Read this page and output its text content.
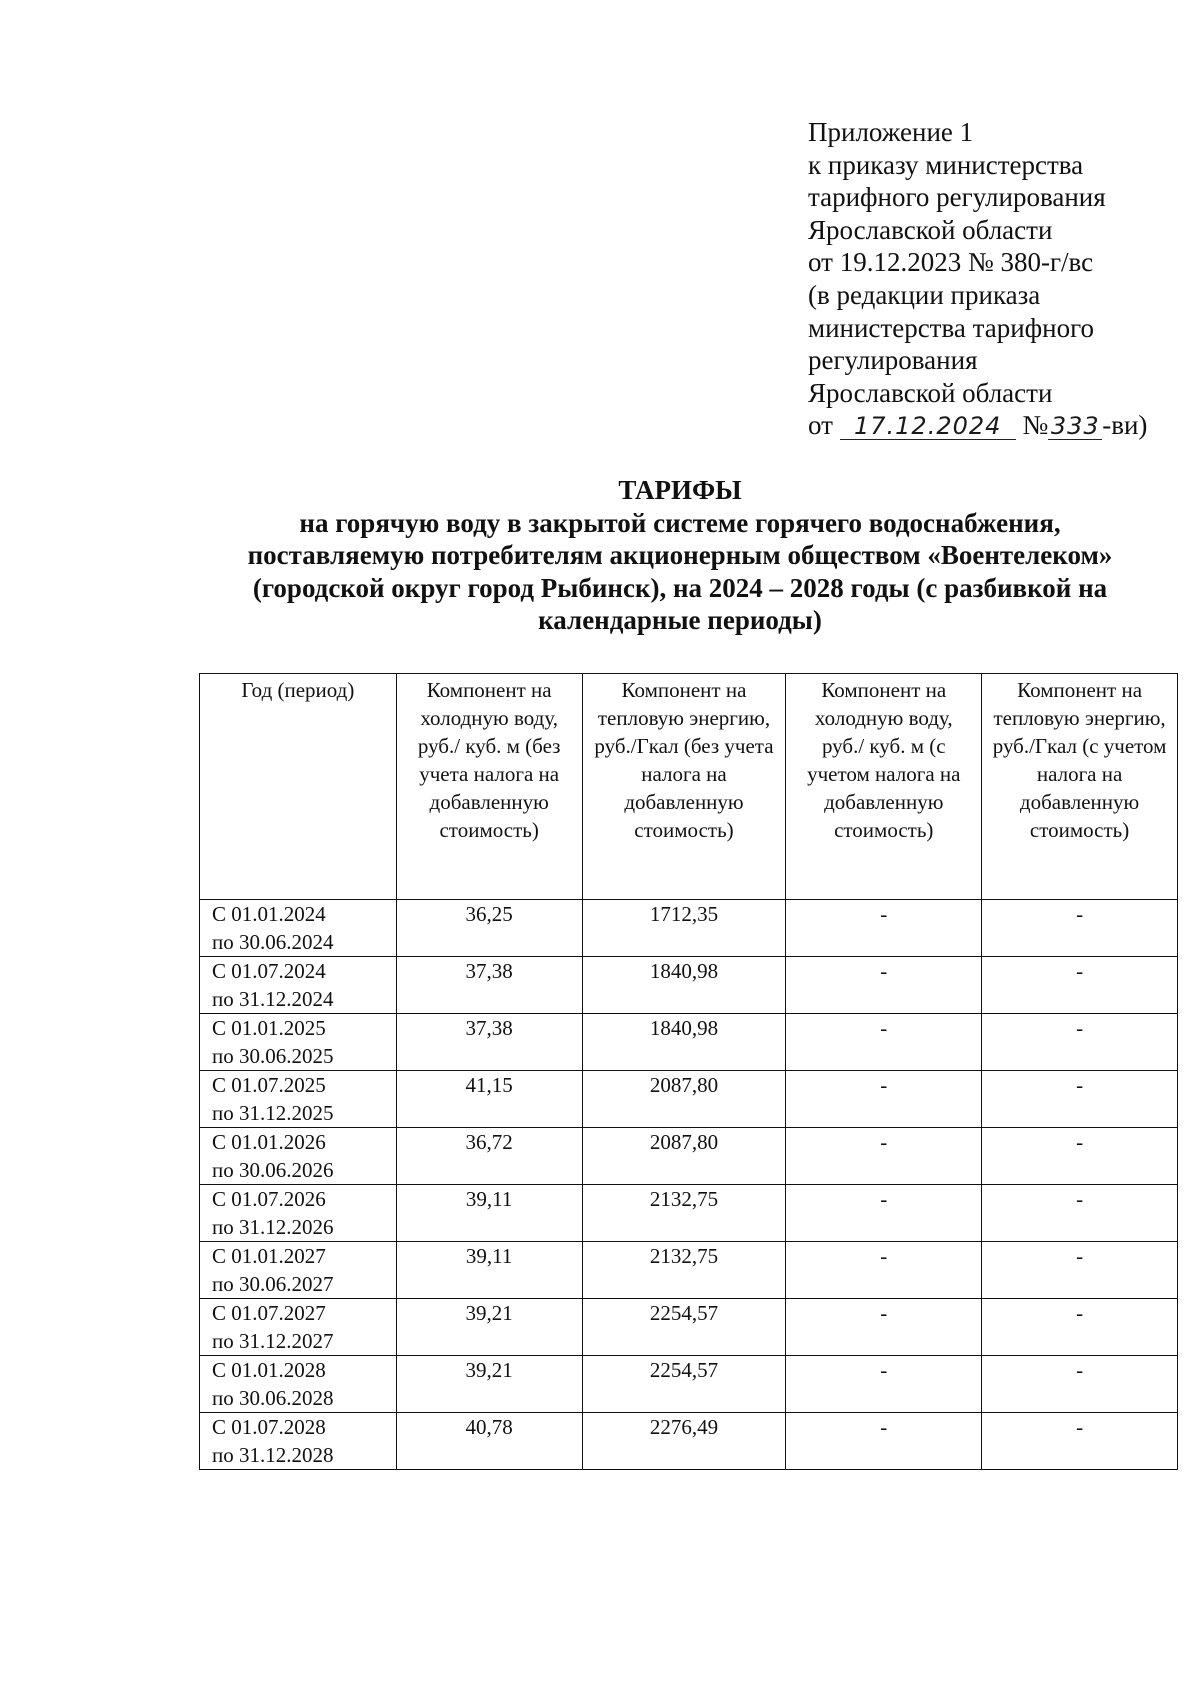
Приложение 1
к приказу министерства
тарифного регулирования
Ярославской области
от 19.12.2023 № 380-г/вс
(в редакции приказа
министерства тарифного
регулирования
Ярославской области
от 17.12.2024 № 333-ви)
ТАРИФЫ
на горячую воду в закрытой системе горячего водоснабжения,
поставляемую потребителям акционерным обществом «Воентелеком»
(городской округ город Рыбинск), на 2024 – 2028 годы (с разбивкой на
календарные периоды)
Год (период)	Компонент на холодную воду, руб./ куб. м (без учета налога на добавленную стоимость)	Компонент на тепловую энергию, руб./Гкал (без учета налога на добавленную стоимость)	Компонент на холодную воду, руб./ куб. м (с учетом налога на добавленную стоимость)	Компонент на тепловую энергию, руб./Гкал (с учетом налога на добавленную стоимость)
С 01.01.2024
по 30.06.2024	36,25	1712,35	-	-
С 01.07.2024
по 31.12.2024	37,38	1840,98	-	-
С 01.01.2025
по 30.06.2025	37,38	1840,98	-	-
С 01.07.2025
по 31.12.2025	41,15	2087,80	-	-
С 01.01.2026
по 30.06.2026	36,72	2087,80	-	-
С 01.07.2026
по 31.12.2026	39,11	2132,75	-	-
С 01.01.2027
по 30.06.2027	39,11	2132,75	-	-
С 01.07.2027
по 31.12.2027	39,21	2254,57	-	-
С 01.01.2028
по 30.06.2028	39,21	2254,57	-	-
С 01.07.2028
по 31.12.2028	40,78	2276,49	-	-
